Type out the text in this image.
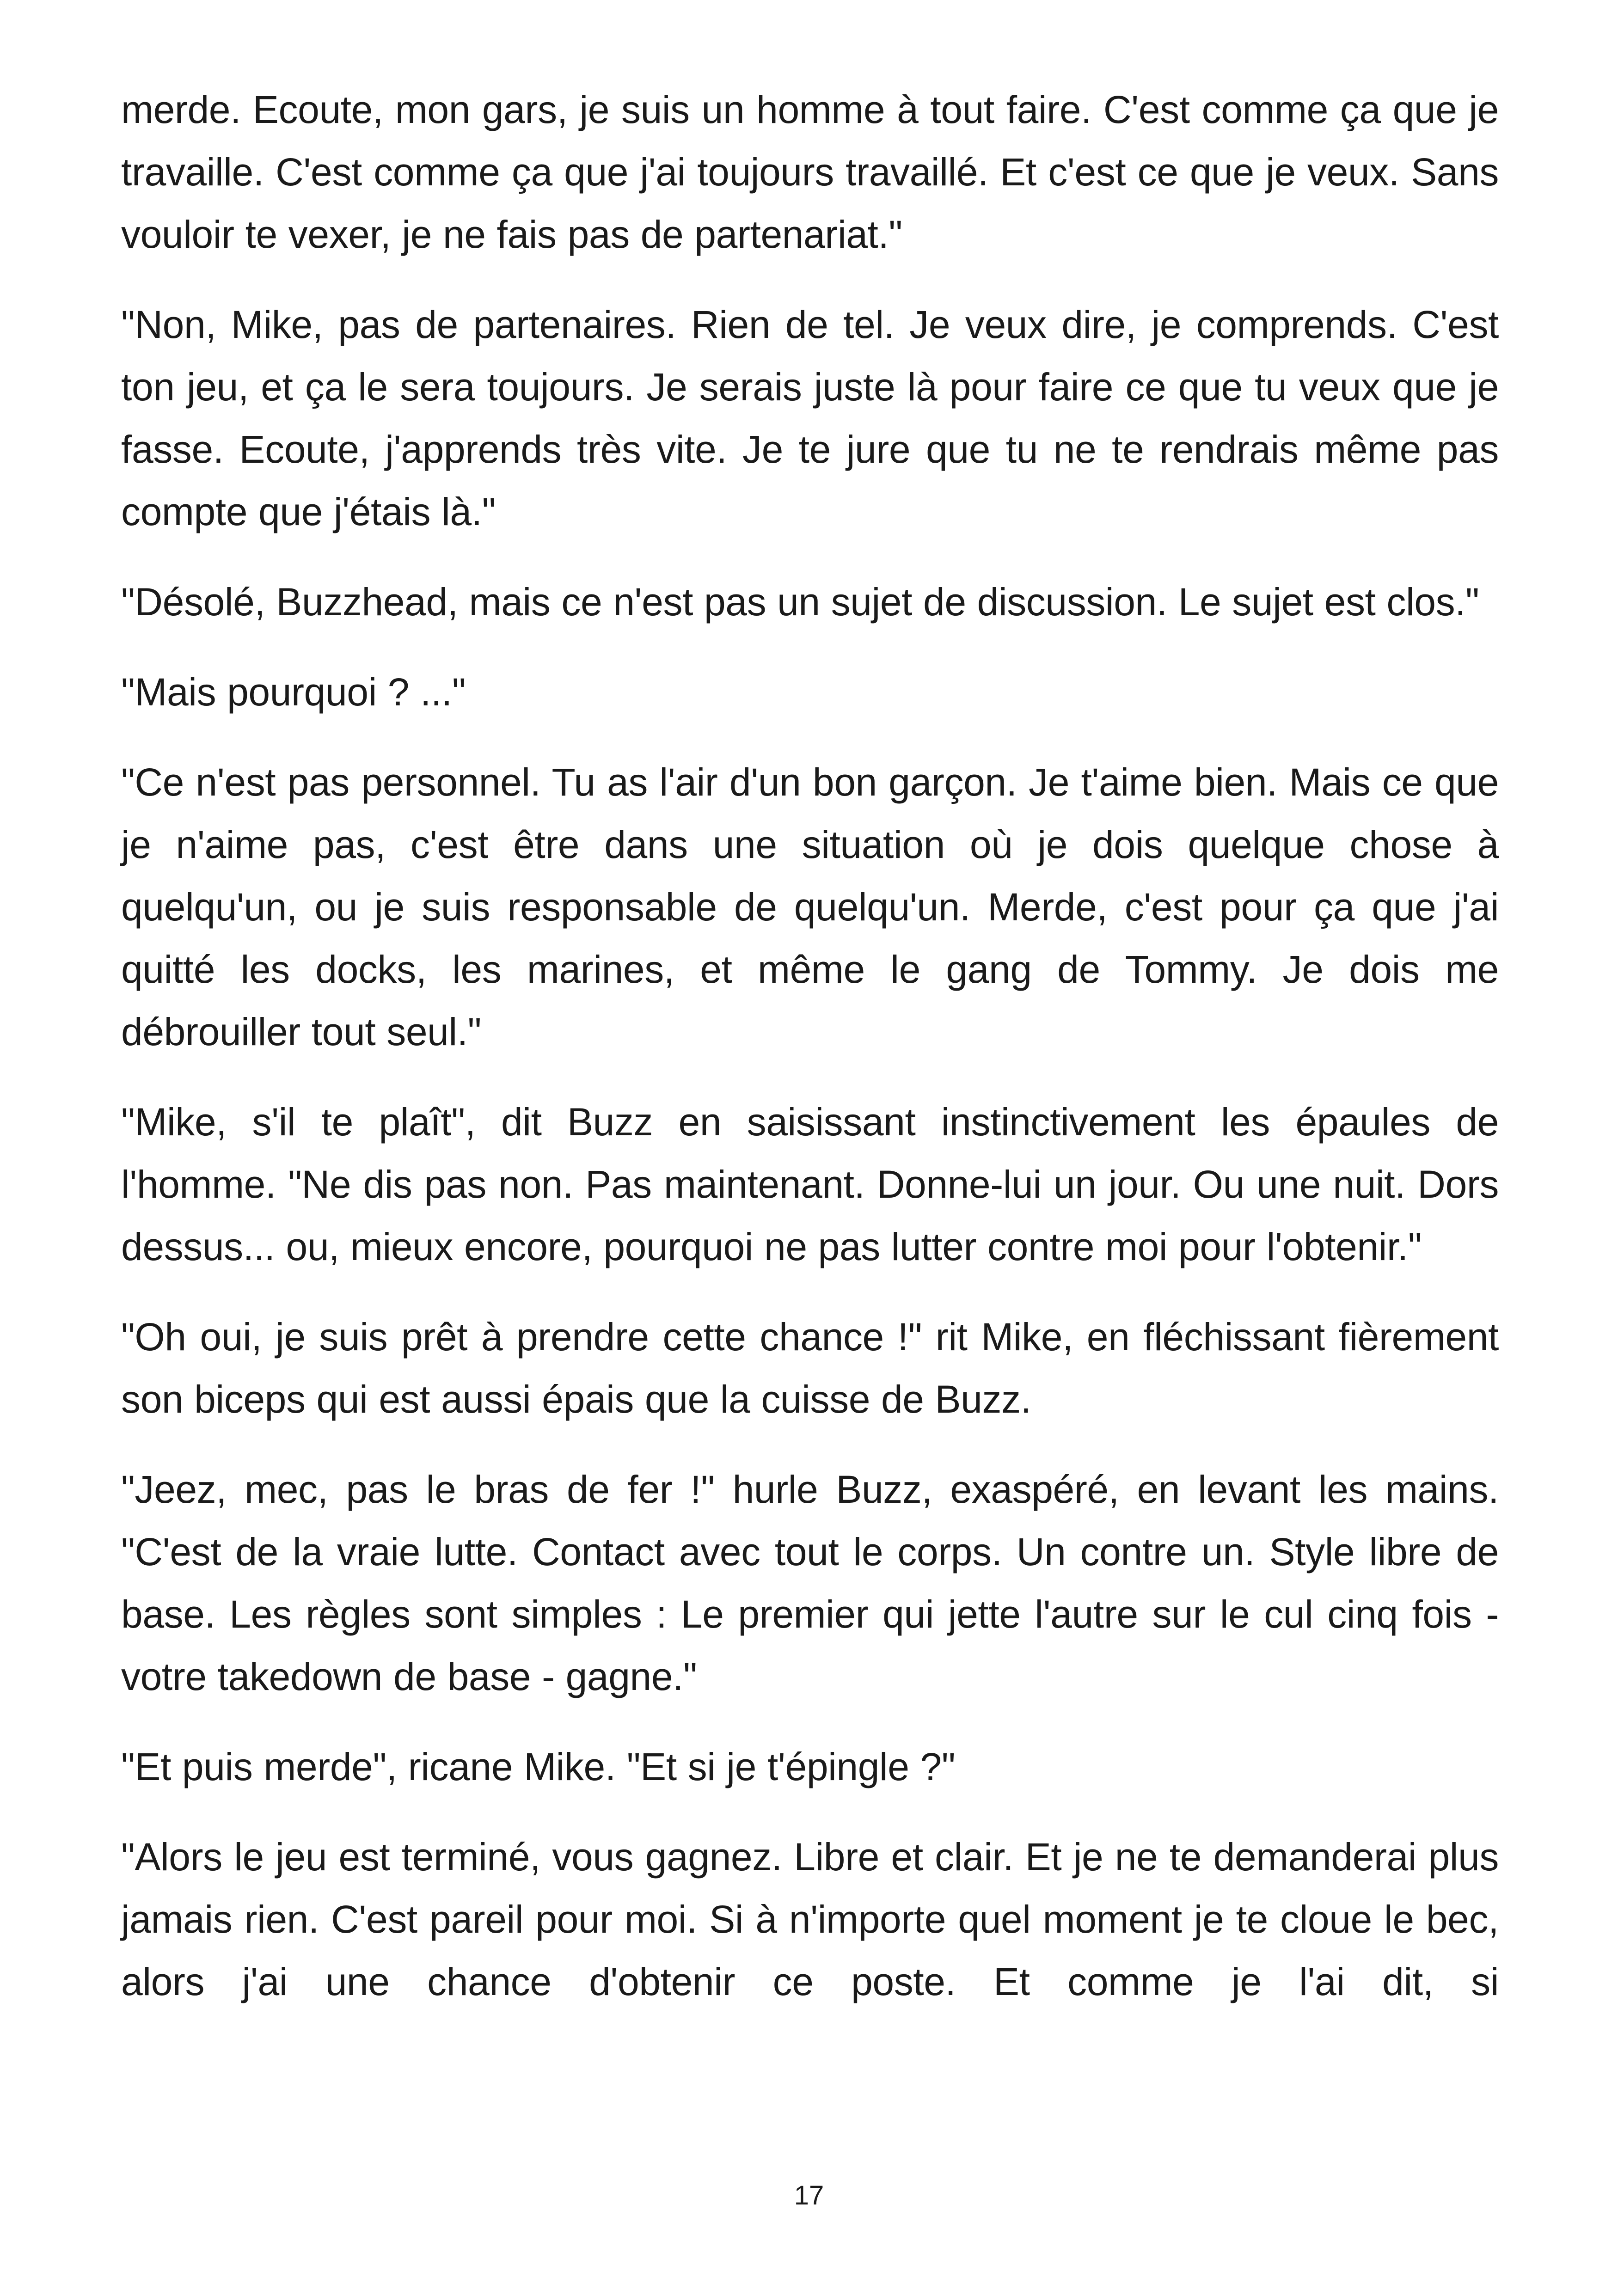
merde. Ecoute, mon gars, je suis un homme à tout faire. C'est comme ça que je travaille. C'est comme ça que j'ai toujours travaillé. Et c'est ce que je veux. Sans vouloir te vexer, je ne fais pas de partenariat."

"Non, Mike, pas de partenaires. Rien de tel. Je veux dire, je comprends. C'est ton jeu, et ça le sera toujours. Je serais juste là pour faire ce que tu veux que je fasse. Ecoute, j'apprends très vite. Je te jure que tu ne te rendrais même pas compte que j'étais là."

"Désolé, Buzzhead, mais ce n'est pas un sujet de discussion. Le sujet est clos."

"Mais pourquoi ? ..."

"Ce n'est pas personnel. Tu as l'air d'un bon garçon. Je t'aime bien. Mais ce que je n'aime pas, c'est être dans une situation où je dois quelque chose à quelqu'un, ou je suis responsable de quelqu'un. Merde, c'est pour ça que j'ai quitté les docks, les marines, et même le gang de Tommy. Je dois me débrouiller tout seul."

"Mike, s'il te plaît", dit Buzz en saisissant instinctivement les épaules de l'homme. "Ne dis pas non. Pas maintenant. Donne-lui un jour. Ou une nuit. Dors dessus... ou, mieux encore, pourquoi ne pas lutter contre moi pour l'obtenir."

"Oh oui, je suis prêt à prendre cette chance !" rit Mike, en fléchissant fièrement son biceps qui est aussi épais que la cuisse de Buzz.

"Jeez, mec, pas le bras de fer !" hurle Buzz, exaspéré, en levant les mains. "C'est de la vraie lutte. Contact avec tout le corps. Un contre un. Style libre de base. Les règles sont simples : Le premier qui jette l'autre sur le cul cinq fois - votre takedown de base - gagne."

"Et puis merde", ricane Mike. "Et si je t'épingle ?"

"Alors le jeu est terminé, vous gagnez. Libre et clair. Et je ne te demanderai plus jamais rien. C'est pareil pour moi. Si à n'importe quel moment je te cloue le bec, alors j'ai une chance d'obtenir ce poste. Et comme je l'ai dit, si

17
